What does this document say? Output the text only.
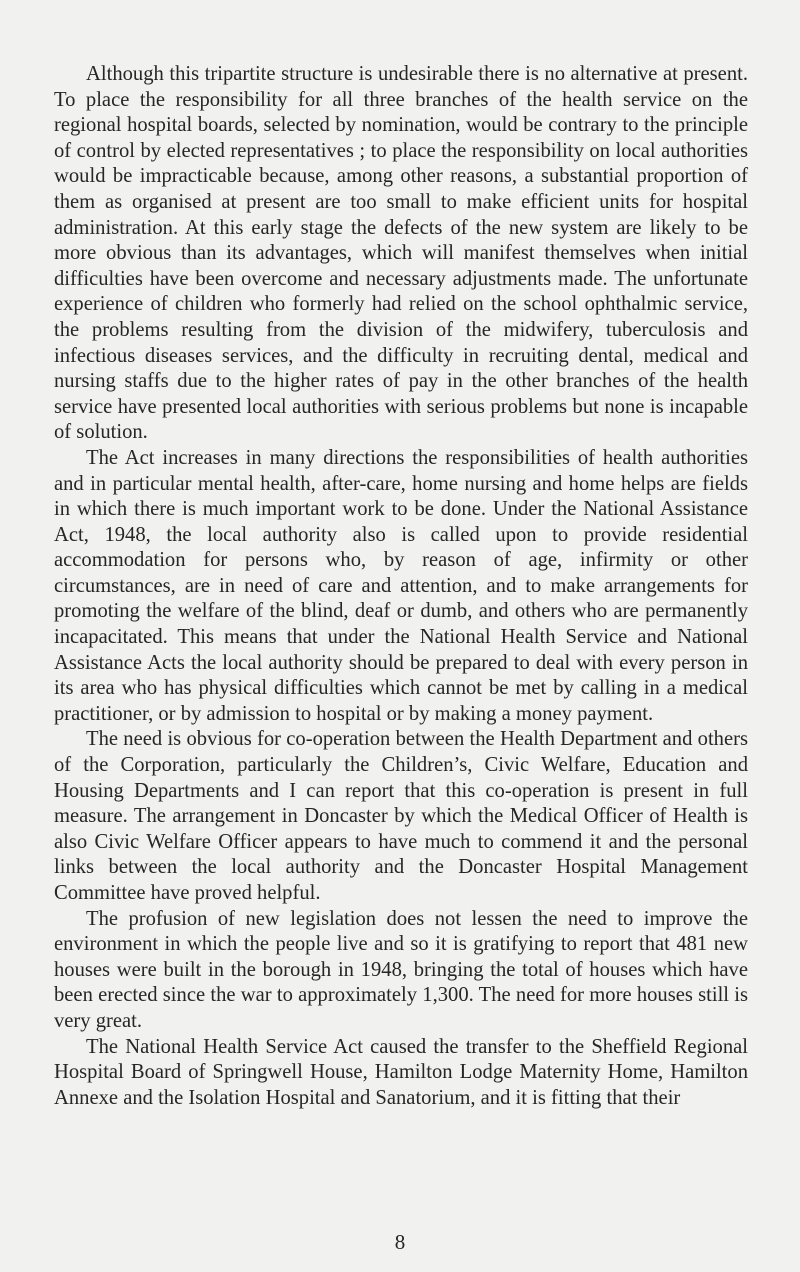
Although this tripartite structure is undesirable there is no alternative at present. To place the responsibility for all three branches of the health service on the regional hospital boards, selected by nomination, would be contrary to the principle of control by elected representatives ; to place the responsibility on local authorities would be impracticable because, among other reasons, a substantial proportion of them as organised at present are too small to make efficient units for hospital administration. At this early stage the defects of the new system are likely to be more obvious than its advantages, which will manifest themselves when initial difficulties have been overcome and necessary adjustments made. The unfortunate experience of children who formerly had relied on the school ophthalmic service, the problems resulting from the division of the midwifery, tuberculosis and infectious diseases services, and the difficulty in recruiting dental, medical and nursing staffs due to the higher rates of pay in the other branches of the health service have presented local authorities with serious problems but none is incapable of solution.

The Act increases in many directions the responsibilities of health authorities and in particular mental health, after-care, home nursing and home helps are fields in which there is much important work to be done. Under the National Assistance Act, 1948, the local authority also is called upon to provide residential accommodation for persons who, by reason of age, infirmity or other circumstances, are in need of care and attention, and to make arrangements for promoting the welfare of the blind, deaf or dumb, and others who are permanently incapacitated. This means that under the National Health Service and National Assistance Acts the local authority should be prepared to deal with every person in its area who has physical difficulties which cannot be met by calling in a medical practitioner, or by admission to hospital or by making a money payment.

The need is obvious for co-operation between the Health Department and others of the Corporation, particularly the Children’s, Civic Welfare, Education and Housing Departments and I can report that this co-operation is present in full measure. The arrangement in Doncaster by which the Medical Officer of Health is also Civic Welfare Officer appears to have much to commend it and the personal links between the local authority and the Doncaster Hospital Management Committee have proved helpful.

The profusion of new legislation does not lessen the need to improve the environment in which the people live and so it is gratifying to report that 481 new houses were built in the borough in 1948, bringing the total of houses which have been erected since the war to approximately 1,300. The need for more houses still is very great.

The National Health Service Act caused the transfer to the Sheffield Regional Hospital Board of Springwell House, Hamilton Lodge Maternity Home, Hamilton Annexe and the Isolation Hospital and Sanatorium, and it is fitting that their

8
